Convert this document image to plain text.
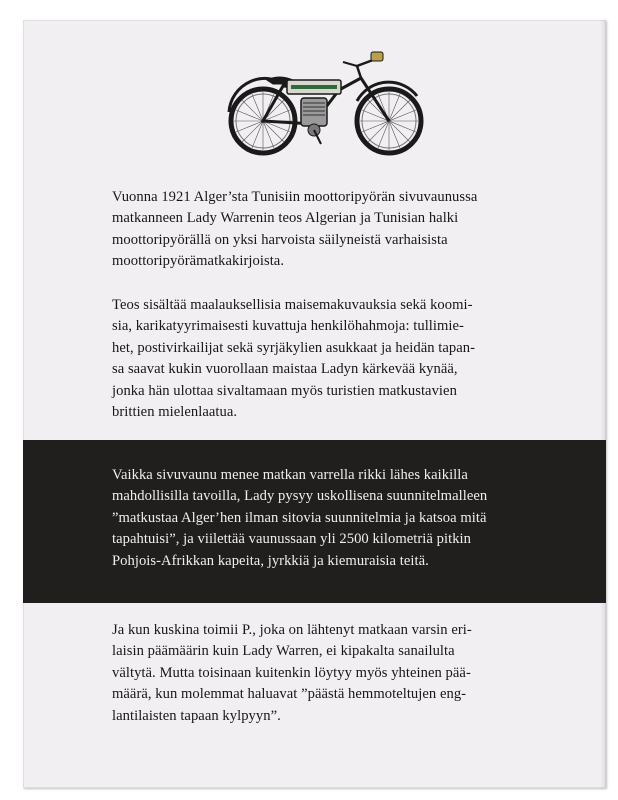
Vuonna 1921 Alger’sta Tunisiin moottoripyörän sivuvaunussa
matkanneen Lady Warrenin teos Algerian ja Tunisian halki
moottoripyörällä on yksi harvoista säilyneistä varhaisista
moottoripyörämatkakirjoista.

Teos sisältää maalauksellisia maisemakuvauksia sekä koomi-
sia, karikatyyrimaisesti kuvattuja henkilöhahmoja: tullimie-
het, postivirkailijat sekä syrjäkylien asukkaat ja heidän tapan-
sa saavat kukin vuorollaan maistaa Ladyn kärkevää kynää,
jonka hän ulottaa sivaltamaan myös turistien matkustavien
brittien mielenlaatua.

Vaikka sivuvaunu menee matkan varrella rikki lähes kaikilla
mahdollisilla tavoilla, Lady pysyy uskollisena suunnitelmalleen
”matkustaa Alger’hen ilman sitovia suunnitelmia ja katsoa mitä
tapahtuisi”, ja viilettää vaunussaan yli 2500 kilometriä pitkin
Pohjois-Afrikkan kapeita, jyrkkiä ja kiemuraisia teitä.

Ja kun kuskina toimii P., joka on lähtenyt matkaan varsin eri-
laisin päämäärin kuin Lady Warren, ei kipakalta sanailulta
vältytä. Mutta toisinaan kuitenkin löytyy myös yhteinen pää-
määrä, kun molemmat haluavat ”päästä hemmoteltujen eng-
lantilaisten tapaan kylpyyn”.
